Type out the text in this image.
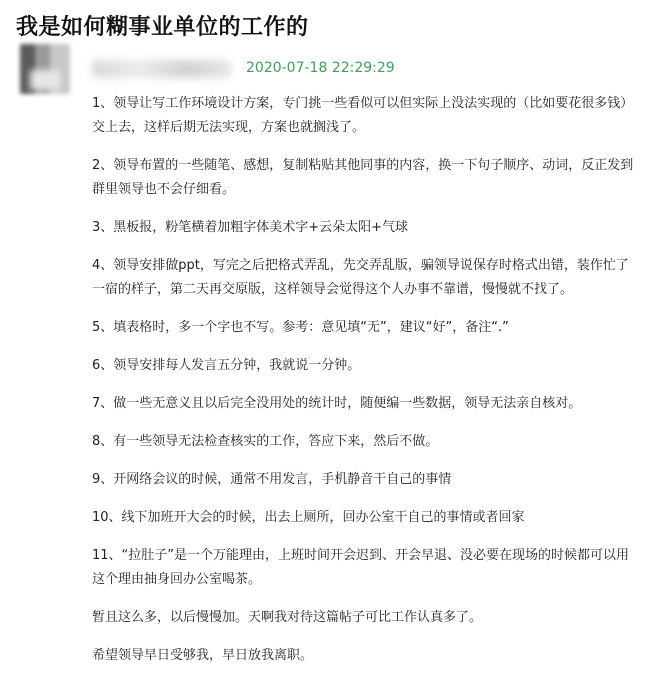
我是如何糊事业单位的工作的
2020-07-18 22:29:29

1、领导让写工作环境设计方案，专门挑一些看似可以但实际上没法实现的（比如要花很多钱）交上去，这样后期无法实现，方案也就搁浅了。

2、领导布置的一些随笔、感想，复制粘贴其他同事的内容，换一下句子顺序、动词，反正发到群里领导也不会仔细看。

3、黑板报，粉笔横着加粗字体美术字+云朵太阳+气球

4、领导安排做ppt，写完之后把格式弄乱，先交弄乱版，骗领导说保存时格式出错，装作忙了一宿的样子，第二天再交原版，这样领导会觉得这个人办事不靠谱，慢慢就不找了。

5、填表格时，多一个字也不写。参考：意见填“无”，建议“好”，备注“.”

6、领导安排每人发言五分钟，我就说一分钟。

7、做一些无意义且以后完全没用处的统计时，随便编一些数据，领导无法亲自核对。

8、有一些领导无法检查核实的工作，答应下来，然后不做。

9、开网络会议的时候，通常不用发言，手机静音干自己的事情

10、线下加班开大会的时候，出去上厕所，回办公室干自己的事情或者回家

11、“拉肚子”是一个万能理由，上班时间开会迟到、开会早退、没必要在现场的时候都可以用这个理由抽身回办公室喝茶。

暂且这么多，以后慢慢加。天啊我对待这篇帖子可比工作认真多了。

希望领导早日受够我，早日放我离职。
